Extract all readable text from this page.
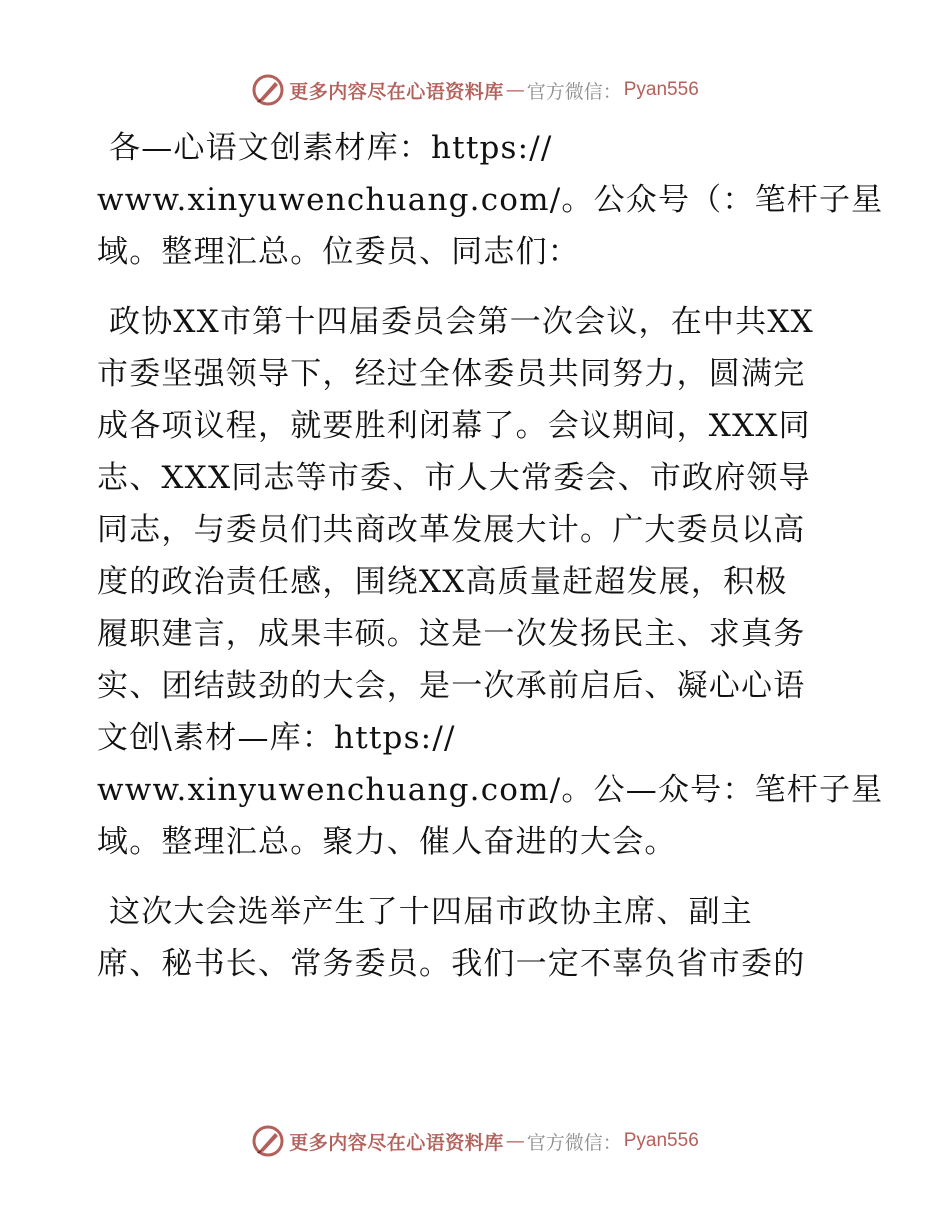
更多内容尽在心语资料库 — 官方微信： Pyan556
各—心语文创素材库：https://
www.xinyuwenchuang.com/。公众号（：笔杆子星
域。整理汇总。位委员、同志们：
政协XX市第十四届委员会第一次会议，在中共XX
市委坚强领导下，经过全体委员共同努力，圆满完
成各项议程，就要胜利闭幕了。会议期间，XXX同
志、XXX同志等市委、市人大常委会、市政府领导
同志，与委员们共商改革发展大计。广大委员以高
度的政治责任感，围绕XX高质量赶超发展，积极
履职建言，成果丰硕。这是一次发扬民主、求真务
实、团结鼓劲的大会，是一次承前启后、凝心心语
文创\素材—库：https://
www.xinyuwenchuang.com/。公—众号：笔杆子星
域。整理汇总。聚力、催人奋进的大会。
这次大会选举产生了十四届市政协主席、副主
席、秘书长、常务委员。我们一定不辜负省市委的
更多内容尽在心语资料库 — 官方微信： Pyan556
